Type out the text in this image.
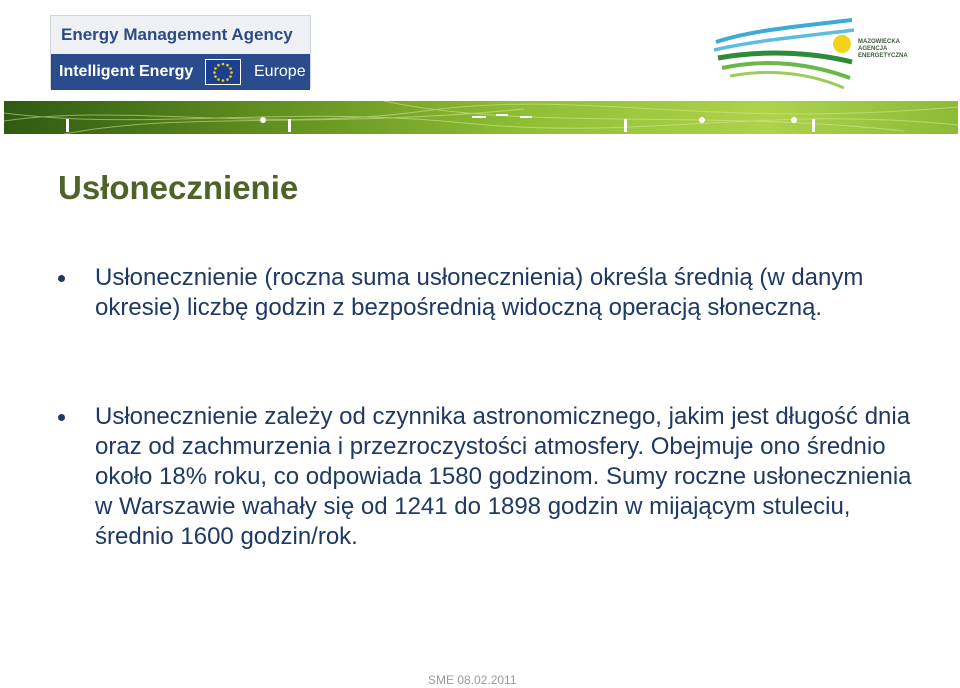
Energy Management Agency
Intelligent Energy	Europe
MAZOWIECKA
AGENCJA
ENERGETYCZNA
Usłonecznienie
Usłonecznienie (roczna suma usłonecznienia) określa średnią (w danym okresie) liczbę godzin z bezpośrednią widoczną operacją słoneczną.
Usłonecznienie zależy od czynnika astronomicznego, jakim jest długość dnia oraz od zachmurzenia i przezroczystości atmosfery. Obejmuje ono średnio około 18% roku, co odpowiada 1580 godzinom. Sumy roczne usłonecznienia w Warszawie wahały się od 1241 do 1898 godzin w mijającym stuleciu, średnio 1600 godzin/rok.
SME 08.02.2011
